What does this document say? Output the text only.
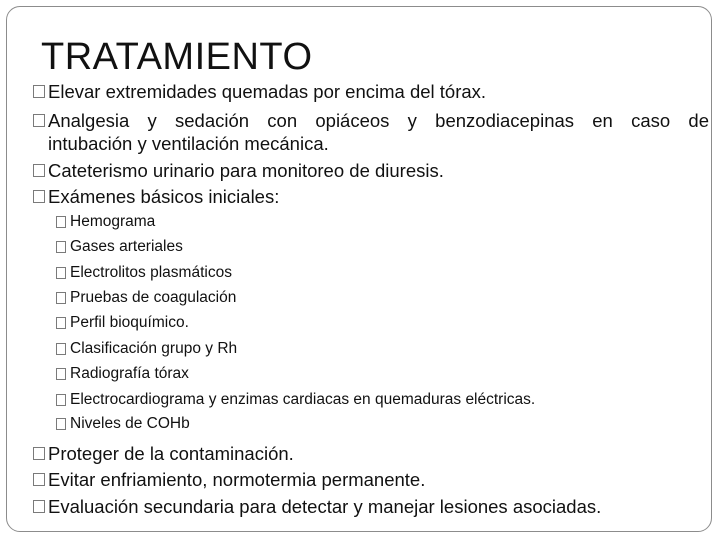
Elevar extremidades quemadas por encima del tórax.
Analgesia y sedación con opiáceos y benzodiacepinas en caso de
intubación y ventilación mecánica.
Cateterismo urinario para monitoreo de diuresis.
Exámenes básicos iniciales:
Hemograma
Gases arteriales
Electrolitos plasmáticos
Pruebas de coagulación
Perfil bioquímico.
Clasificación grupo y Rh
Radiografía tórax
Electrocardiograma y enzimas cardiacas en quemaduras eléctricas.
Niveles de COHb
Proteger de la contaminación.
Evitar enfriamiento, normotermia permanente.
Evaluación secundaria para detectar y manejar lesiones asociadas.
TRATAMIENTO
